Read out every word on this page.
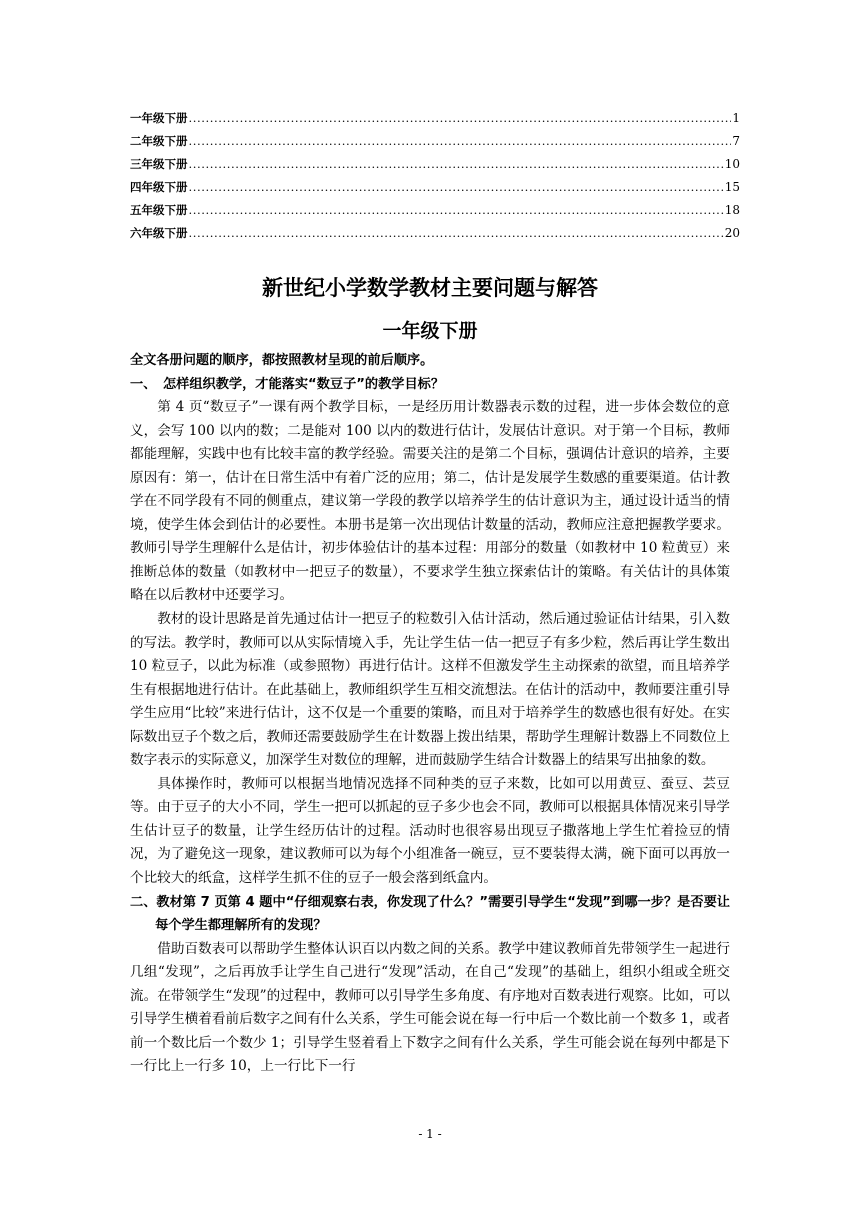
一年级下册 .....	1
二年级下册 .....	7
三年级下册 .....	10
四年级下册 .....	15
五年级下册 .....	18
六年级下册 .....	20
新世纪小学数学教材主要问题与解答
一年级下册

全文各册问题的顺序，都按照教材呈现的前后顺序。

一、　怎样组织教学，才能落实“数豆子”的教学目标？

第 4 页“数豆子”一课有两个教学目标，一是经历用计数器表示数的过程，进一步体会数位的意义，会写 100 以内的数；二是能对 100 以内的数进行估计，发展估计意识。对于第一个目标，教师都能理解，实践中也有比较丰富的教学经验。需要关注的是第二个目标，强调估计意识的培养，主要原因有：第一，估计在日常生活中有着广泛的应用；第二，估计是发展学生数感的重要渠道。估计教学在不同学段有不同的侧重点，建议第一学段的教学以培养学生的估计意识为主，通过设计适当的情境，使学生体会到估计的必要性。本册书是第一次出现估计数量的活动，教师应注意把握教学要求。教师引导学生理解什么是估计，初步体验估计的基本过程：用部分的数量（如教材中 10 粒黄豆）来推断总体的数量（如教材中一把豆子的数量），不要求学生独立探索估计的策略。有关估计的具体策略在以后教材中还要学习。

教材的设计思路是首先通过估计一把豆子的粒数引入估计活动，然后通过验证估计结果，引入数的写法。教学时，教师可以从实际情境入手，先让学生估一估一把豆子有多少粒，然后再让学生数出 10 粒豆子，以此为标准（或参照物）再进行估计。这样不但激发学生主动探索的欲望，而且培养学生有根据地进行估计。在此基础上，教师组织学生互相交流想法。在估计的活动中，教师要注重引导学生应用“比较”来进行估计，这不仅是一个重要的策略，而且对于培养学生的数感也很有好处。在实际数出豆子个数之后，教师还需要鼓励学生在计数器上拨出结果，帮助学生理解计数器上不同数位上数字表示的实际意义，加深学生对数位的理解，进而鼓励学生结合计数器上的结果写出抽象的数。

具体操作时，教师可以根据当地情况选择不同种类的豆子来数，比如可以用黄豆、蚕豆、芸豆等。由于豆子的大小不同，学生一把可以抓起的豆子多少也会不同，教师可以根据具体情况来引导学生估计豆子的数量，让学生经历估计的过程。活动时也很容易出现豆子撒落地上学生忙着捡豆的情况，为了避免这一现象，建议教师可以为每个小组准备一碗豆，豆不要装得太满，碗下面可以再放一个比较大的纸盒，这样学生抓不住的豆子一般会落到纸盒内。

二、教材第 7 页第 4 题中“仔细观察右表，你发现了什么？”需要引导学生“发现”到哪一步？是否要让每个学生都理解所有的发现？

借助百数表可以帮助学生整体认识百以内数之间的关系。教学中建议教师首先带领学生一起进行几组“发现”，之后再放手让学生自己进行“发现”活动，在自己“发现”的基础上，组织小组或全班交流。在带领学生“发现”的过程中，教师可以引导学生多角度、有序地对百数表进行观察。比如，可以引导学生横着看前后数字之间有什么关系，学生可能会说在每一行中后一个数比前一个数多 1，或者前一个数比后一个数少 1；引导学生竖着看上下数字之间有什么关系，学生可能会说在每列中都是下一行比上一行多 10，上一行比下一行

- 1 -
